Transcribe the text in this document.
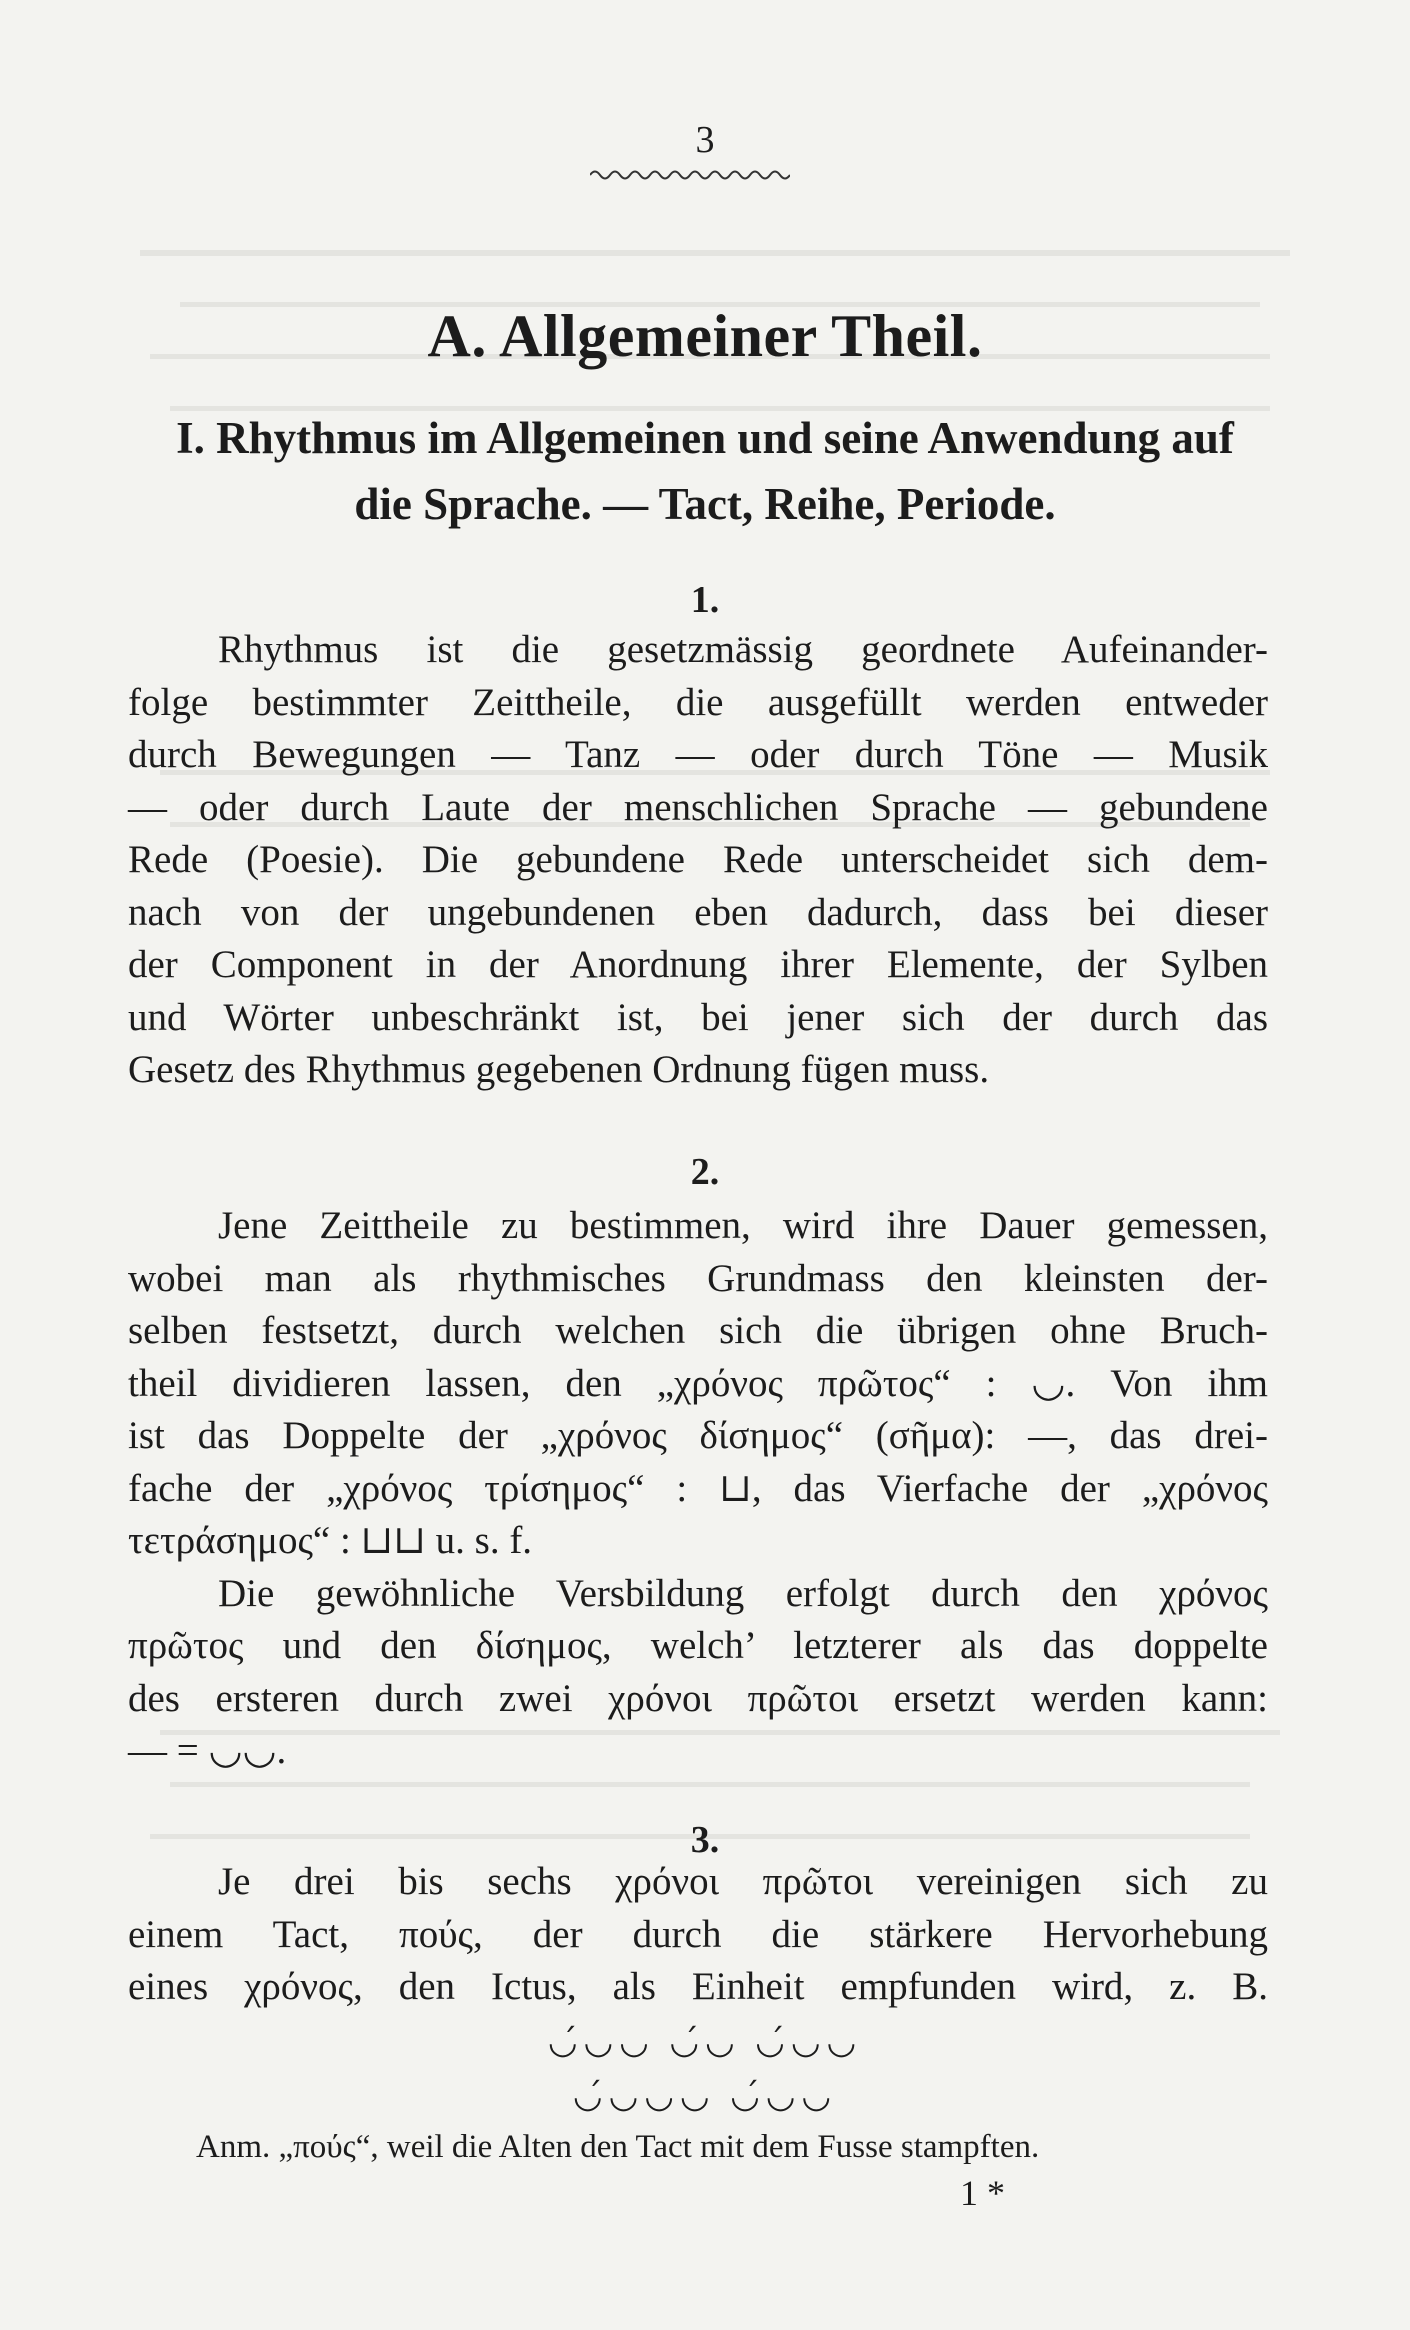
3
A. Allgemeiner Theil.
I. Rhythmus im Allgemeinen und seine Anwendung auf
die Sprache. — Tact, Reihe, Periode.
1.
Rhythmus ist die gesetzmässig geordnete Aufeinander-
folge bestimmter Zeittheile, die ausgefüllt werden entweder
durch Bewegungen — Tanz — oder durch Töne — Musik
— oder durch Laute der menschlichen Sprache — gebundene
Rede (Poesie). Die gebundene Rede unterscheidet sich dem-
nach von der ungebundenen eben dadurch, dass bei dieser
der Component in der Anordnung ihrer Elemente, der Sylben
und Wörter unbeschränkt ist, bei jener sich der durch das
Gesetz des Rhythmus gegebenen Ordnung fügen muss.
2.
Jene Zeittheile zu bestimmen, wird ihre Dauer gemessen,
wobei man als rhythmisches Grundmass den kleinsten der-
selben festsetzt, durch welchen sich die übrigen ohne Bruch-
theil dividieren lassen, den „χρόνος πρῶτος“ : ◡. Von ihm
ist das Doppelte der „χρόνος δίσημος“ (σῆμα): —, das drei-
fache der „χρόνος τρίσημος“ : ⊔, das Vierfache der „χρόνος
τετράσημος“ : ⊔⊔ u. s. f.
Die gewöhnliche Versbildung erfolgt durch den χρόνος
πρῶτος und den δίσημος, welch’ letzterer als das doppelte
des ersteren durch zwei χρόνοι πρῶτοι ersetzt werden kann:
— = ◡◡.
3.
Je drei bis sechs χρόνοι πρῶτοι vereinigen sich zu
einem Tact, πούς, der durch die stärkere Hervorhebung
eines χρόνος, den Ictus, als Einheit empfunden wird, z. B.
◡́◡◡ ◡́◡ ◡́◡◡
◡́◡◡◡ ◡́◡◡
Anm. „πούς“, weil die Alten den Tact mit dem Fusse stampften.
1 *
